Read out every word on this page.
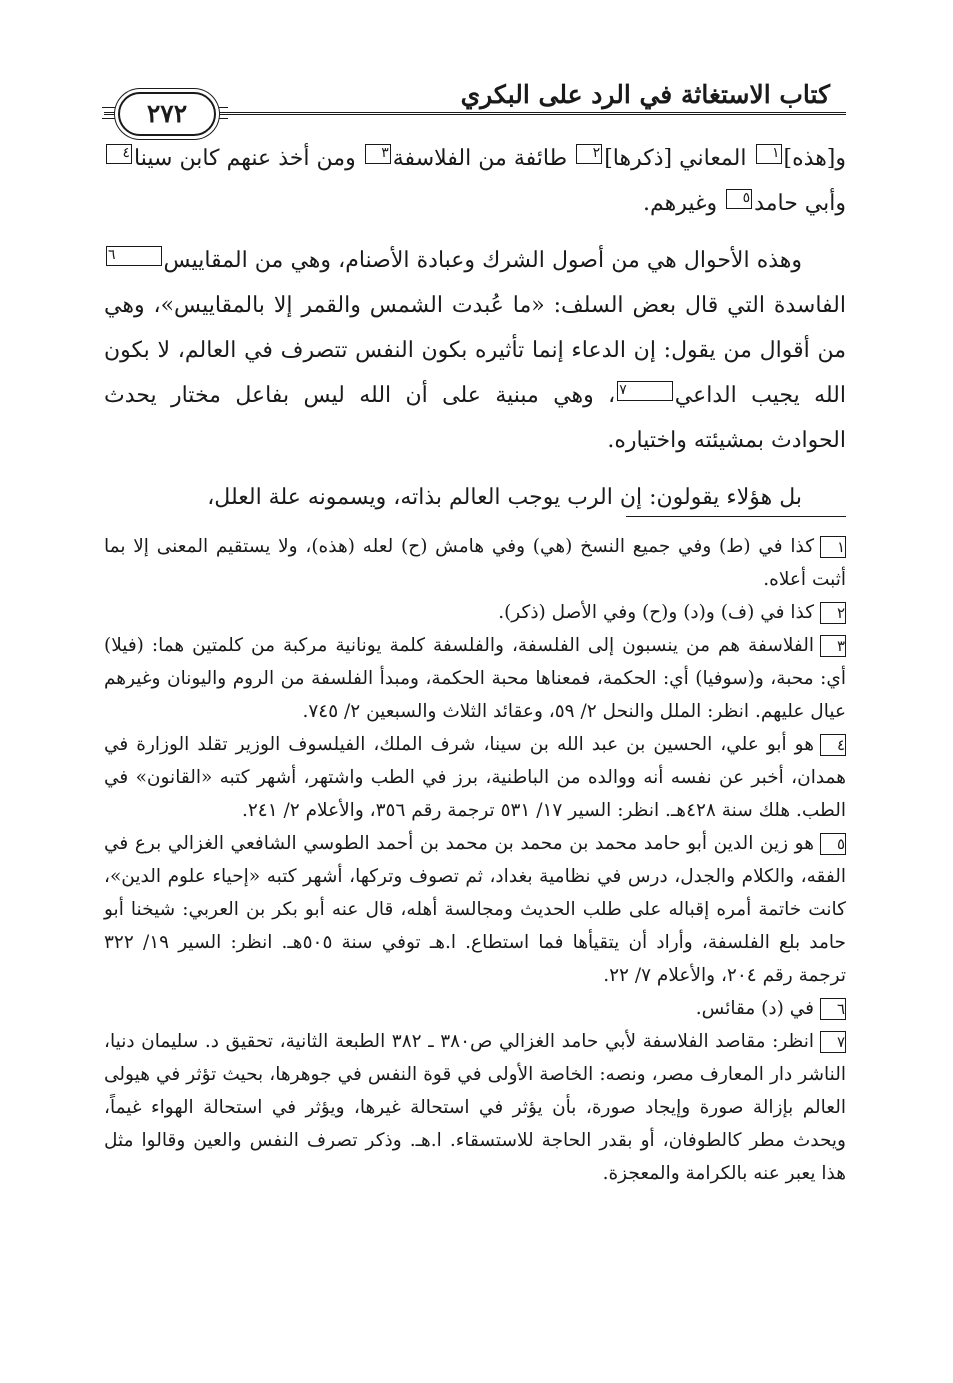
كتاب الاستغاثة في الرد على البكري
٢٧٢

و[هذه]١ المعاني [ذكرها]٢ طائفة من الفلاسفة٣ ومن أخذ عنهم كابن سينا٤ وأبي حامد٥ وغيرهم.

وهذه الأحوال هي من أصول الشرك وعبادة الأصنام، وهي من المقاييس٦ الفاسدة التي قال بعض السلف: «ما عُبدت الشمس والقمر إلا بالمقاييس»، وهي من أقوال من يقول: إن الدعاء إنما تأثيره بكون النفس تتصرف في العالم، لا بكون الله يجيب الداعي٧، وهي مبنية على أن الله ليس بفاعل مختار يحدث الحوادث بمشيئته واختياره.

بل هؤلاء يقولون: إن الرب يوجب العالم بذاته، ويسمونه علة العلل،

١كذا في (ط) وفي جميع النسخ (هي) وفي هامش (ح) لعله (هذه)، ولا يستقيم المعنى إلا بما أثبت أعلاه.

٢كذا في (ف) و(د) و(ح) وفي الأصل (ذكر).

٣الفلاسفة هم من ينسبون إلى الفلسفة، والفلسفة كلمة يونانية مركبة من كلمتين هما: (فيلا) أي: محبة، و(سوفيا) أي: الحكمة، فمعناها محبة الحكمة، ومبدأ الفلسفة من الروم واليونان وغيرهم عيال عليهم. انظر: الملل والنحل ٢/ ٥٩، وعقائد الثلاث والسبعين ٢/ ٧٤٥.

٤هو أبو علي، الحسين بن عبد الله بن سينا، شرف الملك، الفيلسوف الوزير تقلد الوزارة في همدان، أخبر عن نفسه أنه ووالده من الباطنية، برز في الطب واشتهر، أشهر كتبه «القانون» في الطب. هلك سنة ٤٢٨هـ. انظر: السير ١٧/ ٥٣١ ترجمة رقم ٣٥٦، والأعلام ٢/ ٢٤١.

٥هو زين الدين أبو حامد محمد بن محمد بن محمد بن أحمد الطوسي الشافعي الغزالي برع في الفقه، والكلام والجدل، درس في نظامية بغداد، ثم تصوف وتركها، أشهر كتبه «إحياء علوم الدين»، كانت خاتمة أمره إقباله على طلب الحديث ومجالسة أهله، قال عنه أبو بكر بن العربي: شيخنا أبو حامد بلع الفلسفة، وأراد أن يتقيأها فما استطاع. ا.هـ توفي سنة ٥٠٥هـ. انظر: السير ١٩/ ٣٢٢ ترجمة رقم ٢٠٤، والأعلام ٧/ ٢٢.

٦في (د) مقائس.

٧انظر: مقاصد الفلاسفة لأبي حامد الغزالي ص٣٨٠ ـ ٣٨٢ الطبعة الثانية، تحقيق د. سليمان دنيا، الناشر دار المعارف مصر، ونصه: الخاصة الأولى في قوة النفس في جوهرها، بحيث تؤثر في هيولى العالم بإزالة صورة وإيجاد صورة، بأن يؤثر في استحالة غيرها، ويؤثر في استحالة الهواء غيماً، ويحدث مطر كالطوفان، أو بقدر الحاجة للاستسقاء. ا.هـ. وذكر تصرف النفس والعين وقالوا مثل هذا يعبر عنه بالكرامة والمعجزة.
